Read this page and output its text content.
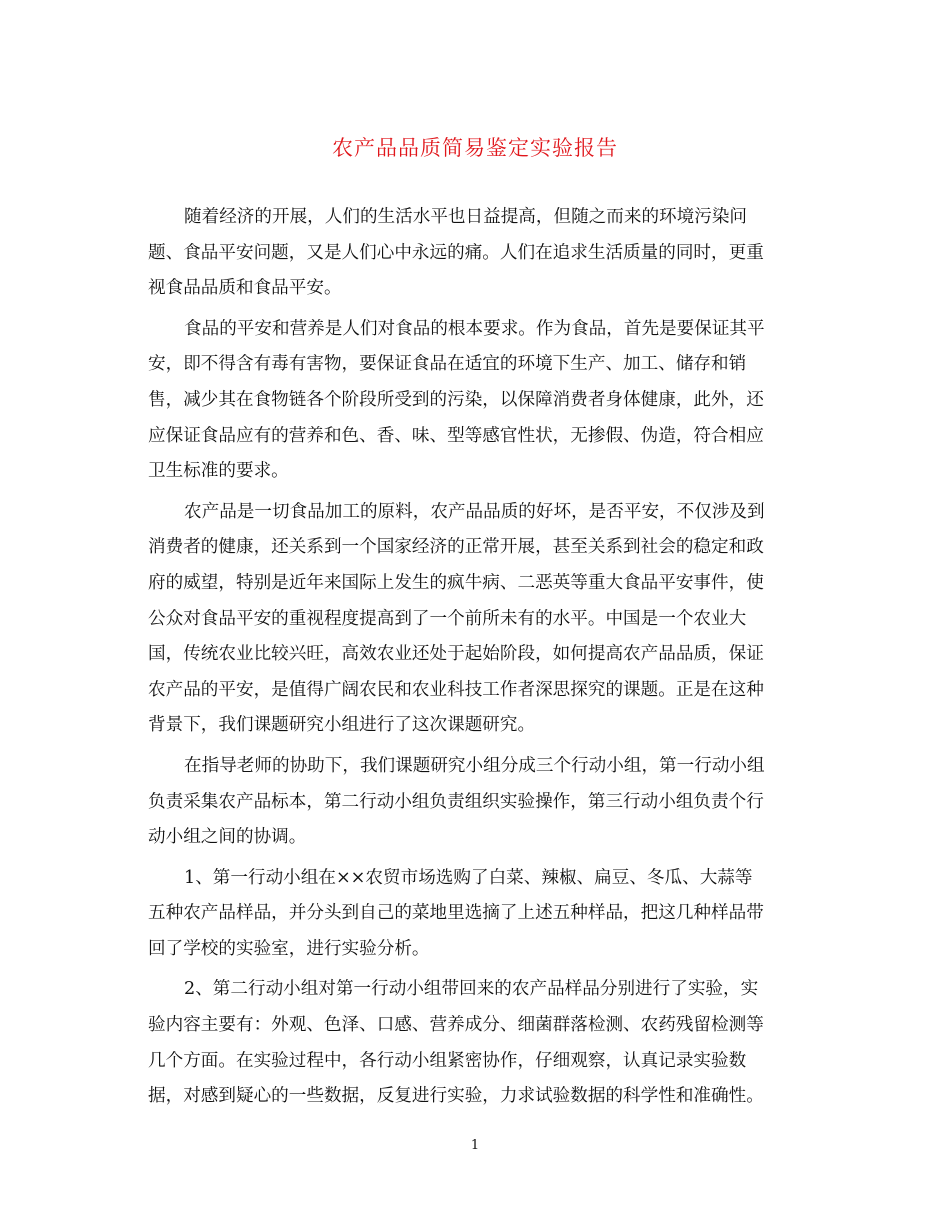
农产品品质简易鉴定实验报告

随着经济的开展，人们的生活水平也日益提高，但随之而来的环境污染问
题、食品平安问题，又是人们心中永远的痛。人们在追求生活质量的同时，更重
视食品品质和食品平安。

食品的平安和营养是人们对食品的根本要求。作为食品，首先是要保证其平
安，即不得含有毒有害物，要保证食品在适宜的环境下生产、加工、储存和销
售，减少其在食物链各个阶段所受到的污染，以保障消费者身体健康，此外，还
应保证食品应有的营养和色、香、味、型等感官性状，无掺假、伪造，符合相应
卫生标准的要求。

农产品是一切食品加工的原料，农产品品质的好坏，是否平安，不仅涉及到
消费者的健康，还关系到一个国家经济的正常开展，甚至关系到社会的稳定和政
府的威望，特别是近年来国际上发生的疯牛病、二恶英等重大食品平安事件，使
公众对食品平安的重视程度提高到了一个前所未有的水平。中国是一个农业大
国，传统农业比较兴旺，高效农业还处于起始阶段，如何提高农产品品质，保证
农产品的平安，是值得广阔农民和农业科技工作者深思探究的课题。正是在这种
背景下，我们课题研究小组进行了这次课题研究。

在指导老师的协助下，我们课题研究小组分成三个行动小组，第一行动小组
负责采集农产品标本，第二行动小组负责组织实验操作，第三行动小组负责个行
动小组之间的协调。

1、第一行动小组在××农贸市场选购了白菜、辣椒、扁豆、冬瓜、大蒜等
五种农产品样品，并分头到自己的菜地里选摘了上述五种样品，把这几种样品带
回了学校的实验室，进行实验分析。

2、第二行动小组对第一行动小组带回来的农产品样品分别进行了实验，实
验内容主要有：外观、色泽、口感、营养成分、细菌群落检测、农药残留检测等
几个方面。在实验过程中，各行动小组紧密协作，仔细观察，认真记录实验数
据，对感到疑心的一些数据，反复进行实验，力求试验数据的科学性和准确性。

1
